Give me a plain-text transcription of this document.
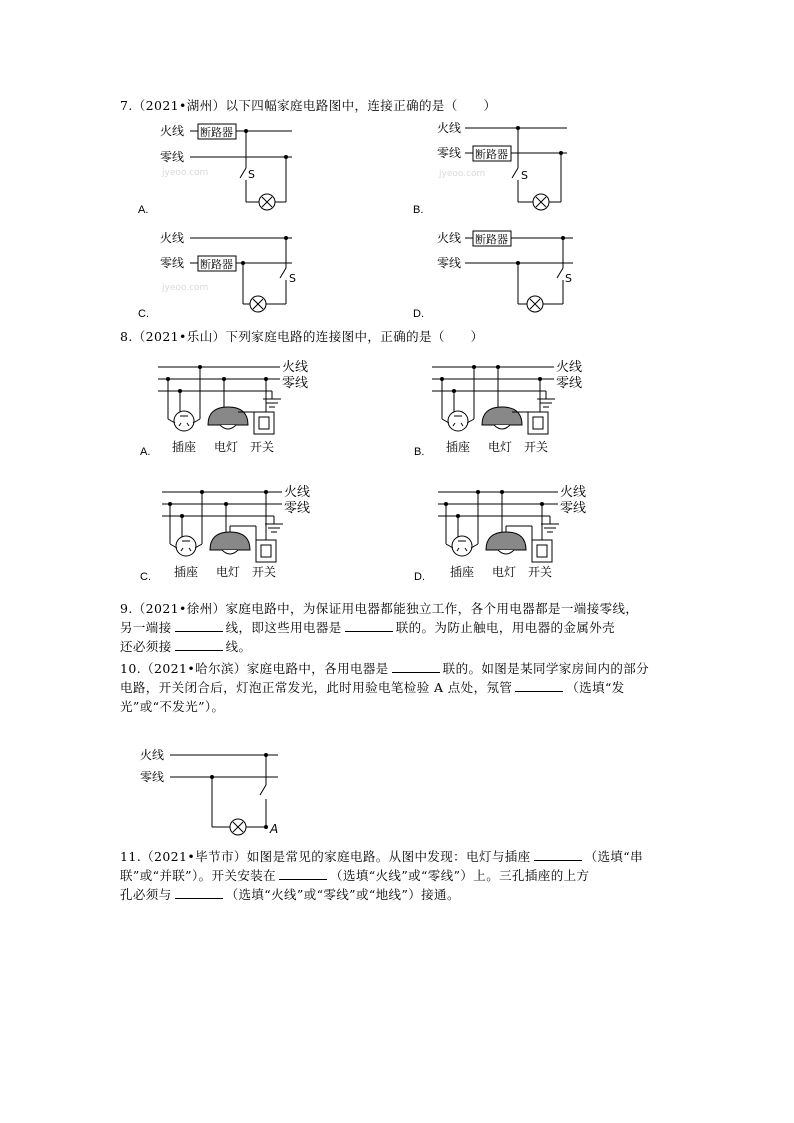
7.（2021•湖州）以下四幅家庭电路图中，连接正确的是（　　）
火线
零线
断路器
S
jyeoo.com
A.
火线
零线 断路器
S
jyeoo.com
B.
火线
零线 断路器
S
jyeoo.com
C.
火线
零线
断路器
S
D.
8.（2021•乐山）下列家庭电路的连接图中，正确的是（　　）
火线
零线
插座 电灯 开关
A.
火线
零线
插座 电灯 开关
B.
火线
零线
插座 电灯 开关
C.
火线
零线
插座 电灯 开关
D.
9.（2021•徐州）家庭电路中，为保证用电器都能独立工作，各个用电器都是一端接零线，
另一端接	线，即这些用电器是	联的。为防止触电，用电器的金属外壳
还必须接	线。
10.（2021•哈尔滨）家庭电路中，各用电器是	联的。如图是某同学家房间内的部分
电路，开关闭合后，灯泡正常发光，此时用验电笔检验 A 点处，氖管	（选填“发
光”或“不发光”）。
火线
零线
A
11.（2021•毕节市）如图是常见的家庭电路。从图中发现：电灯与插座	（选填“串
联”或“并联”）。开关安装在	（选填“火线”或“零线”）上。三孔插座的上方
孔必须与	（选填“火线”或“零线”或“地线”）接通。
